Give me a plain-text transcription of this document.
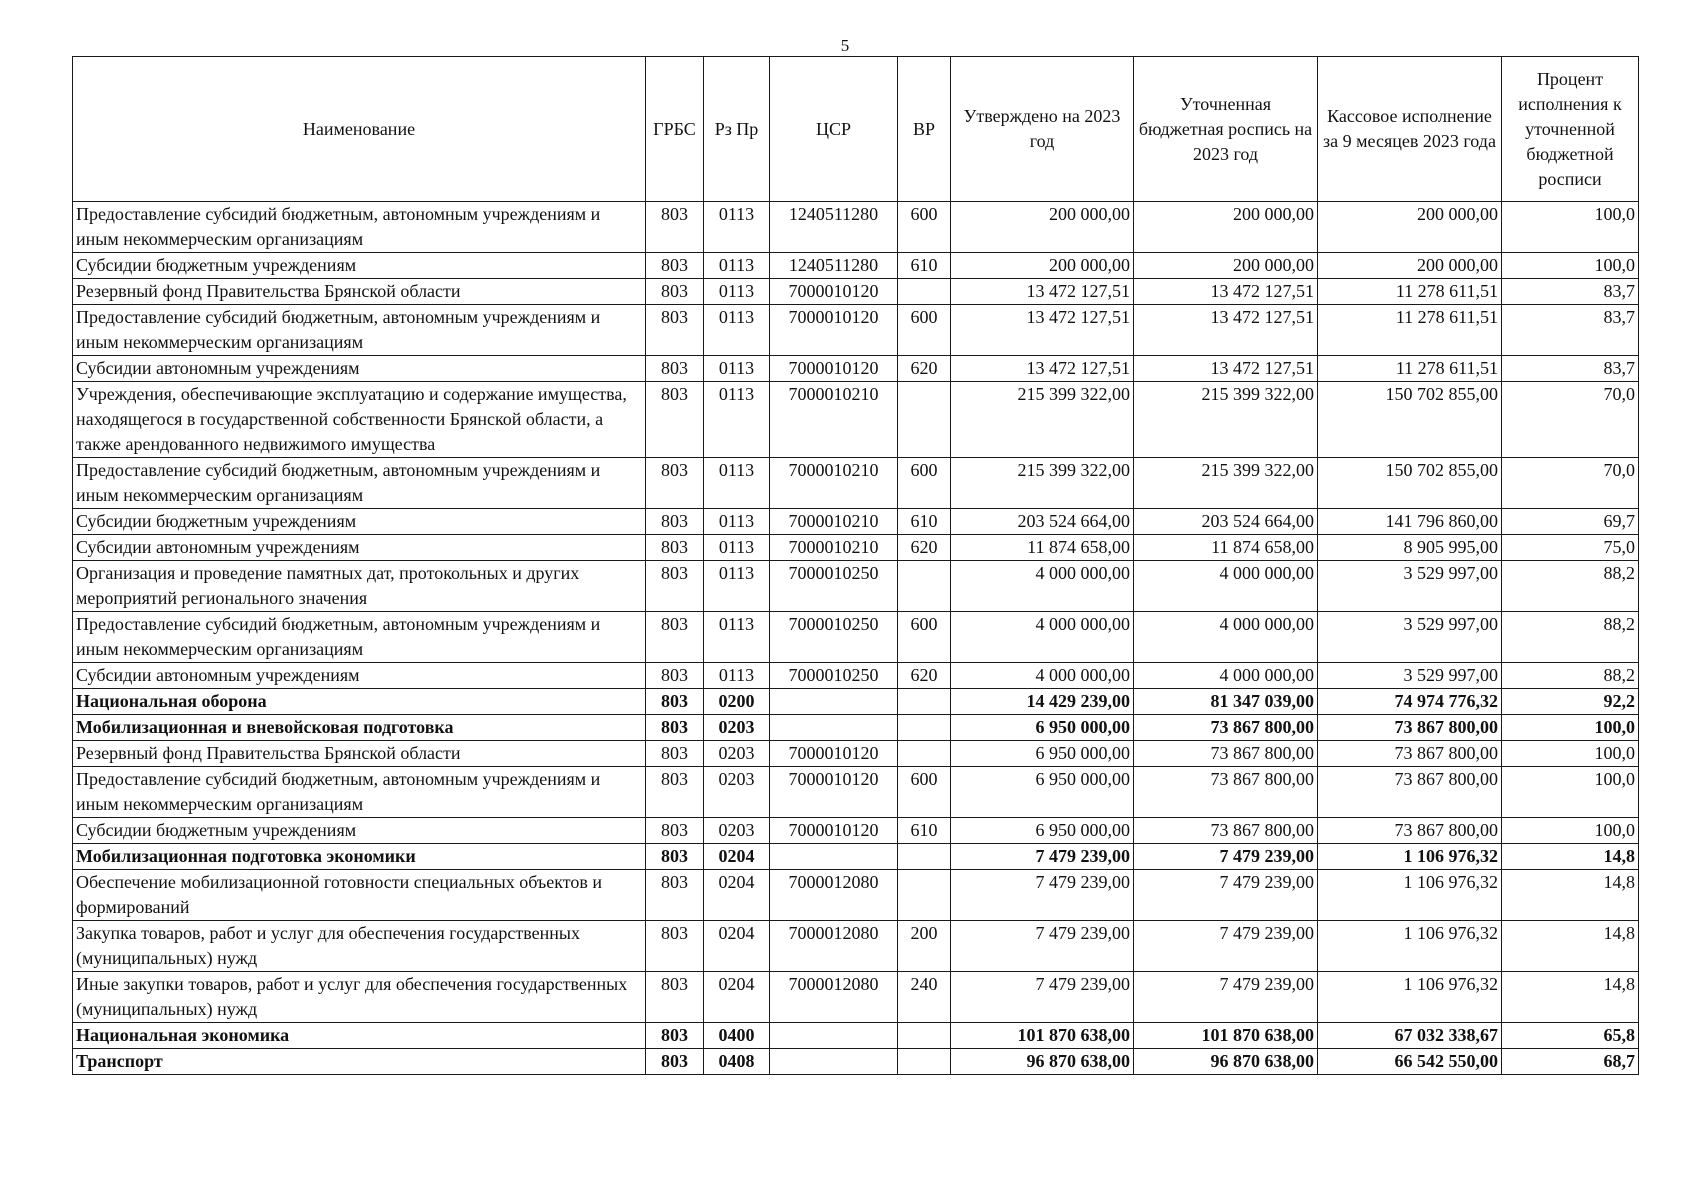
5
Наименование	ГРБС	Рз Пр	ЦСР	ВР	Утверждено на 2023 год	Уточненная бюджетная роспись на 2023 год	Кассовое исполнение за 9 месяцев 2023 года	Процент исполнения к уточненной бюджетной росписи
Предоставление субсидий бюджетным, автономным учреждениям и иным некоммерческим организациям	803	0113	1240511280	600	200 000,00	200 000,00	200 000,00	100,0
Субсидии бюджетным учреждениям	803	0113	1240511280	610	200 000,00	200 000,00	200 000,00	100,0
Резервный фонд Правительства Брянской области	803	0113	7000010120		13 472 127,51	13 472 127,51	11 278 611,51	83,7
Предоставление субсидий бюджетным, автономным учреждениям и иным некоммерческим организациям	803	0113	7000010120	600	13 472 127,51	13 472 127,51	11 278 611,51	83,7
Субсидии автономным учреждениям	803	0113	7000010120	620	13 472 127,51	13 472 127,51	11 278 611,51	83,7
Учреждения, обеспечивающие эксплуатацию и содержание имущества, находящегося в государственной собственности Брянской области, а также арендованного недвижимого имущества	803	0113	7000010210		215 399 322,00	215 399 322,00	150 702 855,00	70,0
Предоставление субсидий бюджетным, автономным учреждениям и иным некоммерческим организациям	803	0113	7000010210	600	215 399 322,00	215 399 322,00	150 702 855,00	70,0
Субсидии бюджетным учреждениям	803	0113	7000010210	610	203 524 664,00	203 524 664,00	141 796 860,00	69,7
Субсидии автономным учреждениям	803	0113	7000010210	620	11 874 658,00	11 874 658,00	8 905 995,00	75,0
Организация и проведение памятных дат, протокольных и других мероприятий регионального значения	803	0113	7000010250		4 000 000,00	4 000 000,00	3 529 997,00	88,2
Предоставление субсидий бюджетным, автономным учреждениям и иным некоммерческим организациям	803	0113	7000010250	600	4 000 000,00	4 000 000,00	3 529 997,00	88,2
Субсидии автономным учреждениям	803	0113	7000010250	620	4 000 000,00	4 000 000,00	3 529 997,00	88,2
Национальная оборона	803	0200			14 429 239,00	81 347 039,00	74 974 776,32	92,2
Мобилизационная и вневойсковая подготовка	803	0203			6 950 000,00	73 867 800,00	73 867 800,00	100,0
Резервный фонд Правительства Брянской области	803	0203	7000010120		6 950 000,00	73 867 800,00	73 867 800,00	100,0
Предоставление субсидий бюджетным, автономным учреждениям и иным некоммерческим организациям	803	0203	7000010120	600	6 950 000,00	73 867 800,00	73 867 800,00	100,0
Субсидии бюджетным учреждениям	803	0203	7000010120	610	6 950 000,00	73 867 800,00	73 867 800,00	100,0
Мобилизационная подготовка экономики	803	0204			7 479 239,00	7 479 239,00	1 106 976,32	14,8
Обеспечение мобилизационной готовности специальных объектов и формирований	803	0204	7000012080		7 479 239,00	7 479 239,00	1 106 976,32	14,8
Закупка товаров, работ и услуг для обеспечения государственных (муниципальных) нужд	803	0204	7000012080	200	7 479 239,00	7 479 239,00	1 106 976,32	14,8
Иные закупки товаров, работ и услуг для обеспечения государственных (муниципальных) нужд	803	0204	7000012080	240	7 479 239,00	7 479 239,00	1 106 976,32	14,8
Национальная экономика	803	0400			101 870 638,00	101 870 638,00	67 032 338,67	65,8
Транспорт	803	0408			96 870 638,00	96 870 638,00	66 542 550,00	68,7
